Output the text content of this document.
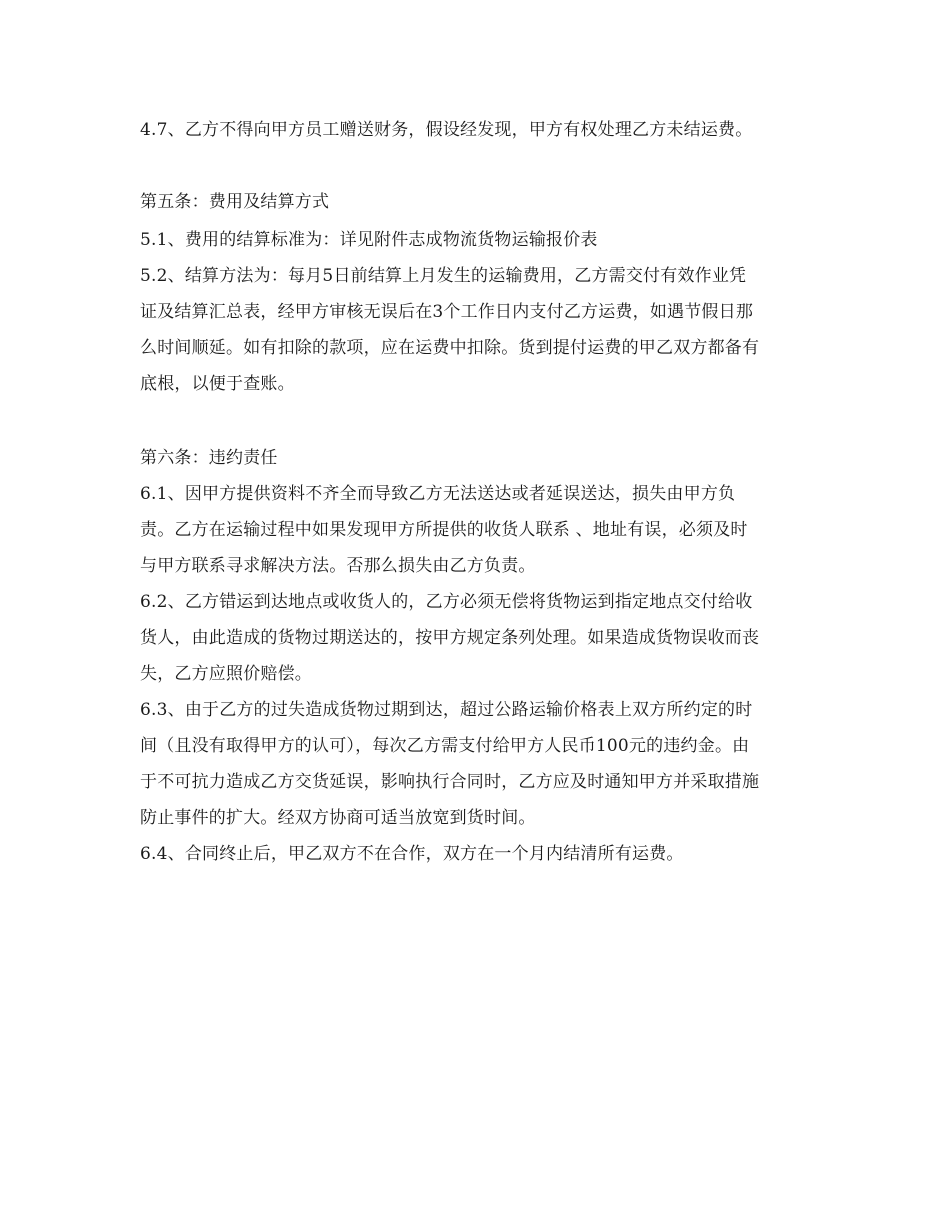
4.7、乙方不得向甲方员工赠送财务，假设经发现，甲方有权处理乙方未结运费。
第五条：费用及结算方式
5.1、费用的结算标准为：详见附件志成物流货物运输报价表
5.2、结算方法为：每月5日前结算上月发生的运输费用，乙方需交付有效作业凭
证及结算汇总表，经甲方审核无误后在3个工作日内支付乙方运费，如遇节假日那
么时间顺延。如有扣除的款项，应在运费中扣除。货到提付运费的甲乙双方都备有
底根，以便于查账。
第六条：违约责任
6.1、因甲方提供资料不齐全而导致乙方无法送达或者延误送达，损失由甲方负
责。乙方在运输过程中如果发现甲方所提供的收货人联系 、地址有误，必须及时
与甲方联系寻求解决方法。否那么损失由乙方负责。
6.2、乙方错运到达地点或收货人的，乙方必须无偿将货物运到指定地点交付给收
货人，由此造成的货物过期送达的，按甲方规定条列处理。如果造成货物误收而丧
失，乙方应照价赔偿。
6.3、由于乙方的过失造成货物过期到达，超过公路运输价格表上双方所约定的时
间（且没有取得甲方的认可），每次乙方需支付给甲方人民币100元的违约金。由
于不可抗力造成乙方交货延误，影响执行合同时，乙方应及时通知甲方并采取措施
防止事件的扩大。经双方协商可适当放宽到货时间。
6.4、合同终止后，甲乙双方不在合作，双方在一个月内结清所有运费。
